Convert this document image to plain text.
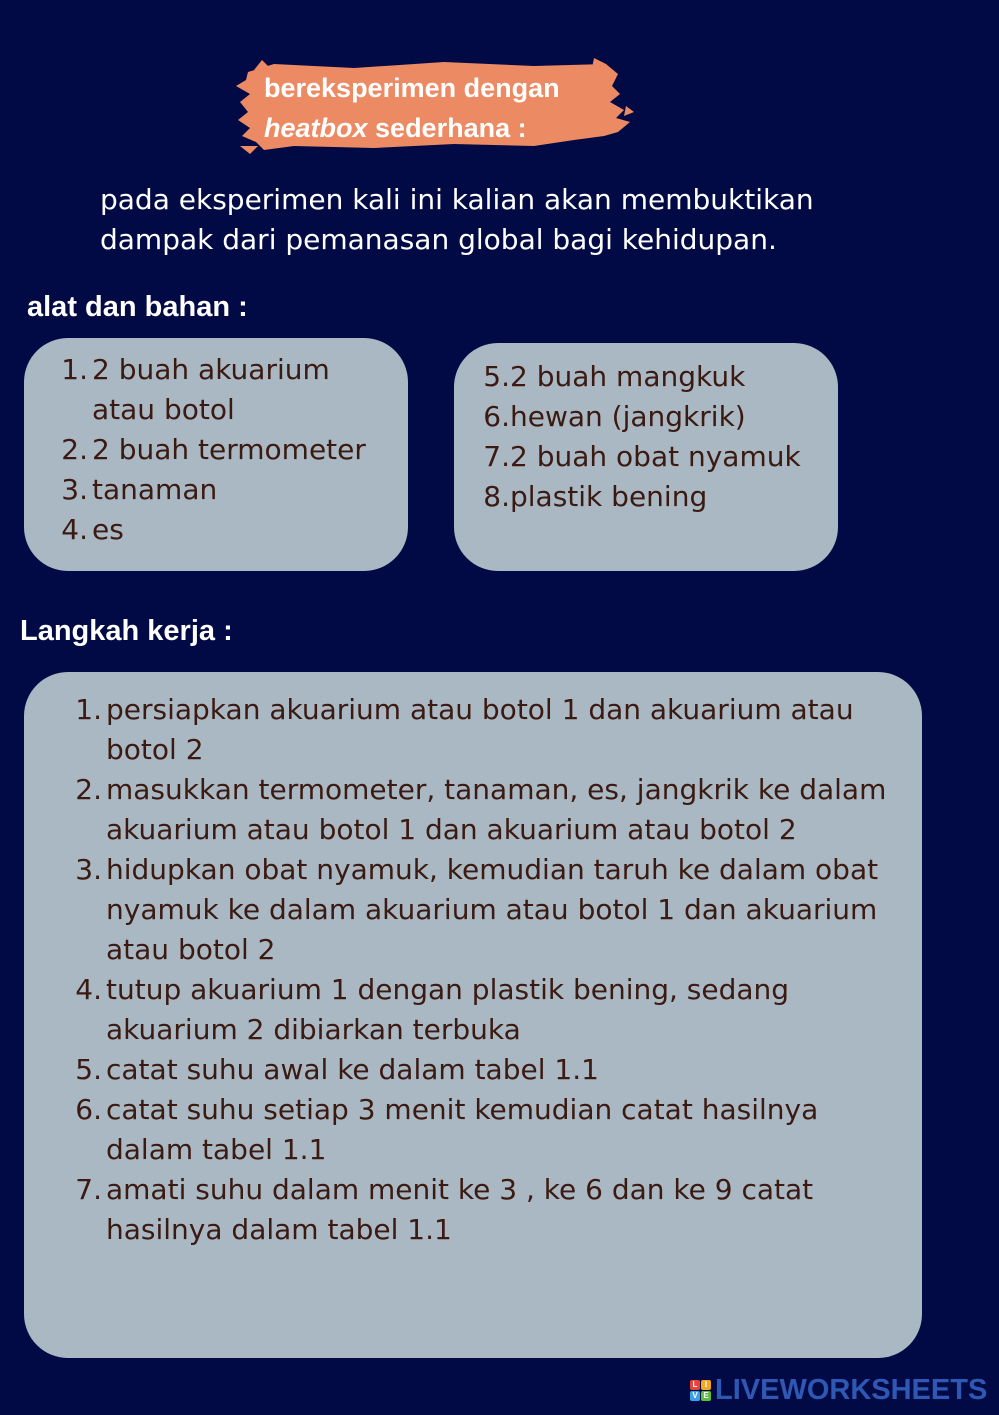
bereksperimen dengan
heatbox sederhana :
pada eksperimen kali ini kalian akan membuktikan
dampak dari pemanasan global bagi kehidupan.
alat dan bahan :
1. 2 buah akuarium atau botol
2. 2 buah termometer
3. tanaman
4. es
5. 2 buah mangkuk
6. hewan (jangkrik)
7. 2 buah obat nyamuk
8. plastik bening
Langkah kerja :
1. persiapkan akuarium atau botol 1 dan akuarium atau botol 2
2. masukkan termometer, tanaman, es, jangkrik ke dalam akuarium atau botol 1 dan akuarium atau botol 2
3. hidupkan obat nyamuk, kemudian taruh ke dalam obat nyamuk ke dalam akuarium atau botol 1 dan akuarium atau botol 2
4. tutup akuarium 1 dengan plastik bening, sedang akuarium 2 dibiarkan terbuka
5. catat suhu awal ke dalam tabel 1.1
6. catat suhu setiap 3 menit kemudian catat hasilnya dalam tabel 1.1
7. amati suhu dalam menit ke 3 , ke 6 dan ke 9 catat hasilnya dalam tabel 1.1
L I
V E LIVEWORKSHEETS
